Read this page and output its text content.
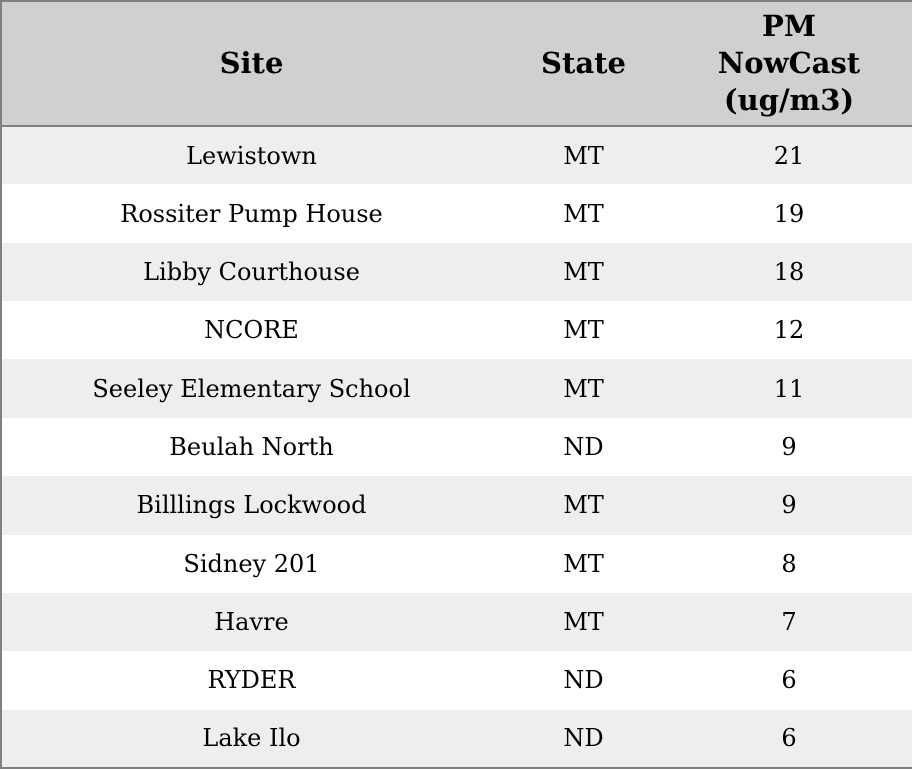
Site	State	PM NowCast (ug/m3)
Lewistown	MT	21
Rossiter Pump House	MT	19
Libby Courthouse	MT	18
NCORE	MT	12
Seeley Elementary School	MT	11
Beulah North	ND	9
Billlings Lockwood	MT	9
Sidney 201	MT	8
Havre	MT	7
RYDER	ND	6
Lake Ilo	ND	6
